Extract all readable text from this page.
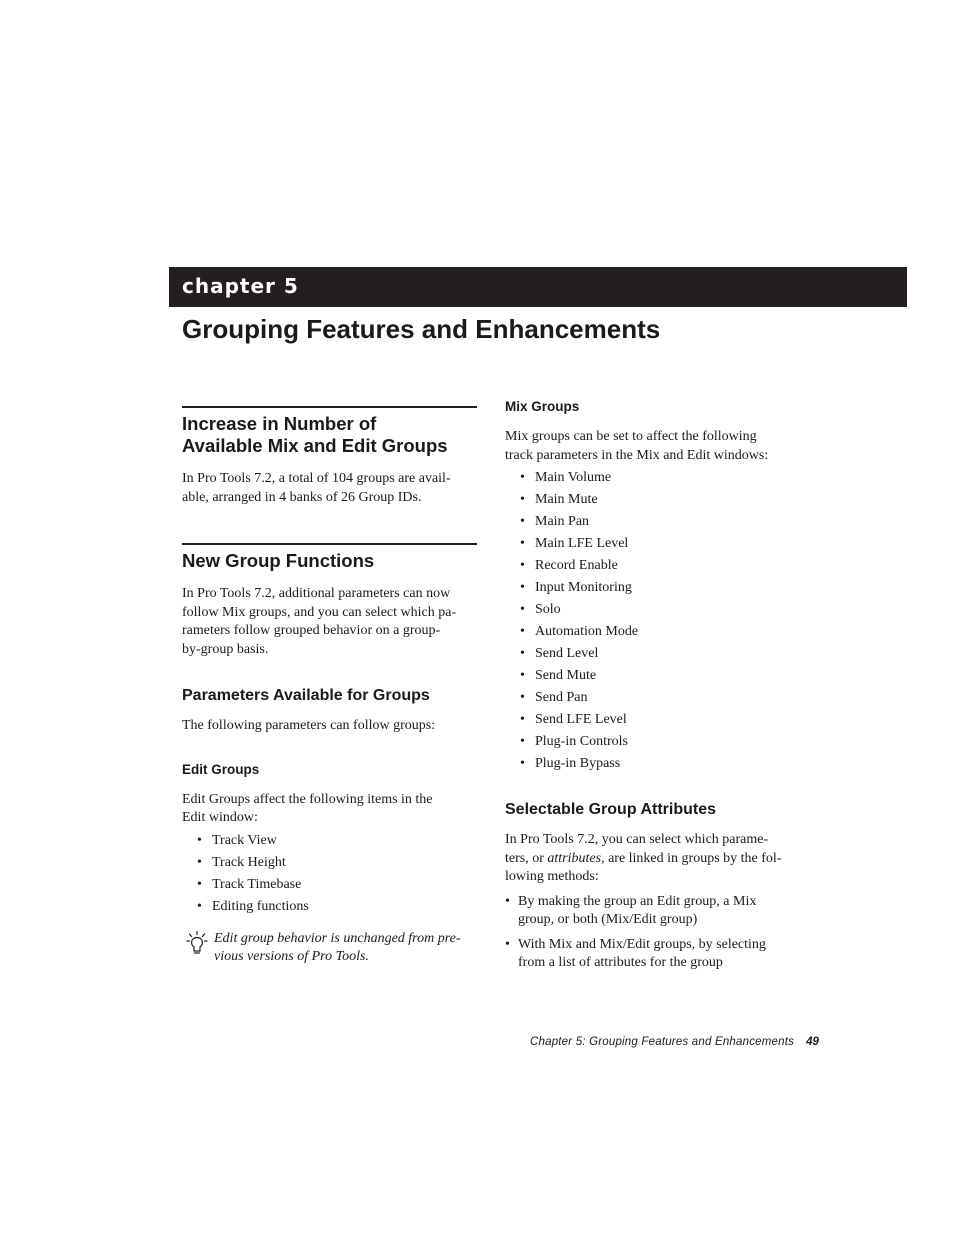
chapter 5
Grouping Features and Enhancements
Increase in Number of
Available Mix and Edit Groups
In Pro Tools 7.2, a total of 104 groups are avail-
able, arranged in 4 banks of 26 Group IDs.
New Group Functions
In Pro Tools 7.2, additional parameters can now
follow Mix groups, and you can select which pa-
rameters follow grouped behavior on a group-
by-group basis.
Parameters Available for Groups
The following parameters can follow groups:
Edit Groups
Edit Groups affect the following items in the
Edit window:
• Track View
• Track Height
• Track Timebase
• Editing functions
Edit group behavior is unchanged from pre-
vious versions of Pro Tools.
Mix Groups
Mix groups can be set to affect the following
track parameters in the Mix and Edit windows:
• Main Volume
• Main Mute
• Main Pan
• Main LFE Level
• Record Enable
• Input Monitoring
• Solo
• Automation Mode
• Send Level
• Send Mute
• Send Pan
• Send LFE Level
• Plug-in Controls
• Plug-in Bypass
Selectable Group Attributes
In Pro Tools 7.2, you can select which parame-
ters, or attributes, are linked in groups by the fol-
lowing methods:
• By making the group an Edit group, a Mix
group, or both (Mix/Edit group)
• With Mix and Mix/Edit groups, by selecting
from a list of attributes for the group
Chapter 5: Grouping Features and Enhancements 49
